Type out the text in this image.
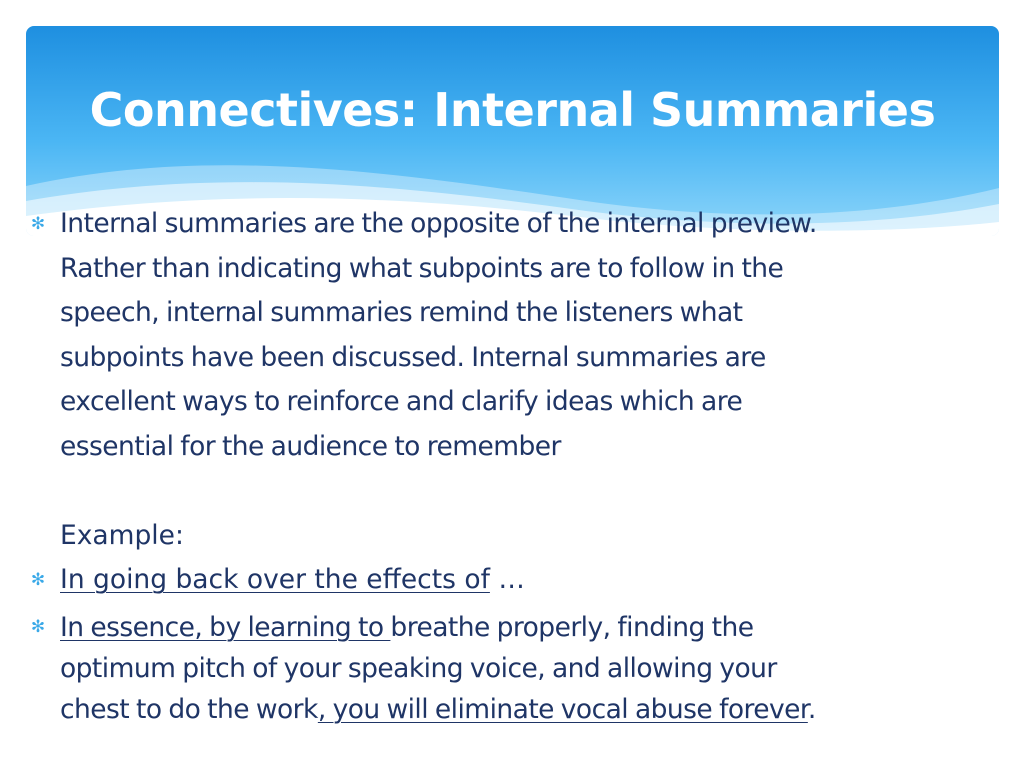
Connectives: Internal Summaries
✻ Internal summaries are the opposite of the internal preview.
Rather than indicating what subpoints are to follow in the
speech, internal summaries remind the listeners what
subpoints have been discussed. Internal summaries are
excellent ways to reinforce and clarify ideas which are
essential for the audience to remember
Example:
✻ In going back over the effects of …
✻ In essence, by learning to breathe properly, finding the
optimum pitch of your speaking voice, and allowing your
chest to do the work, you will eliminate vocal abuse forever.
